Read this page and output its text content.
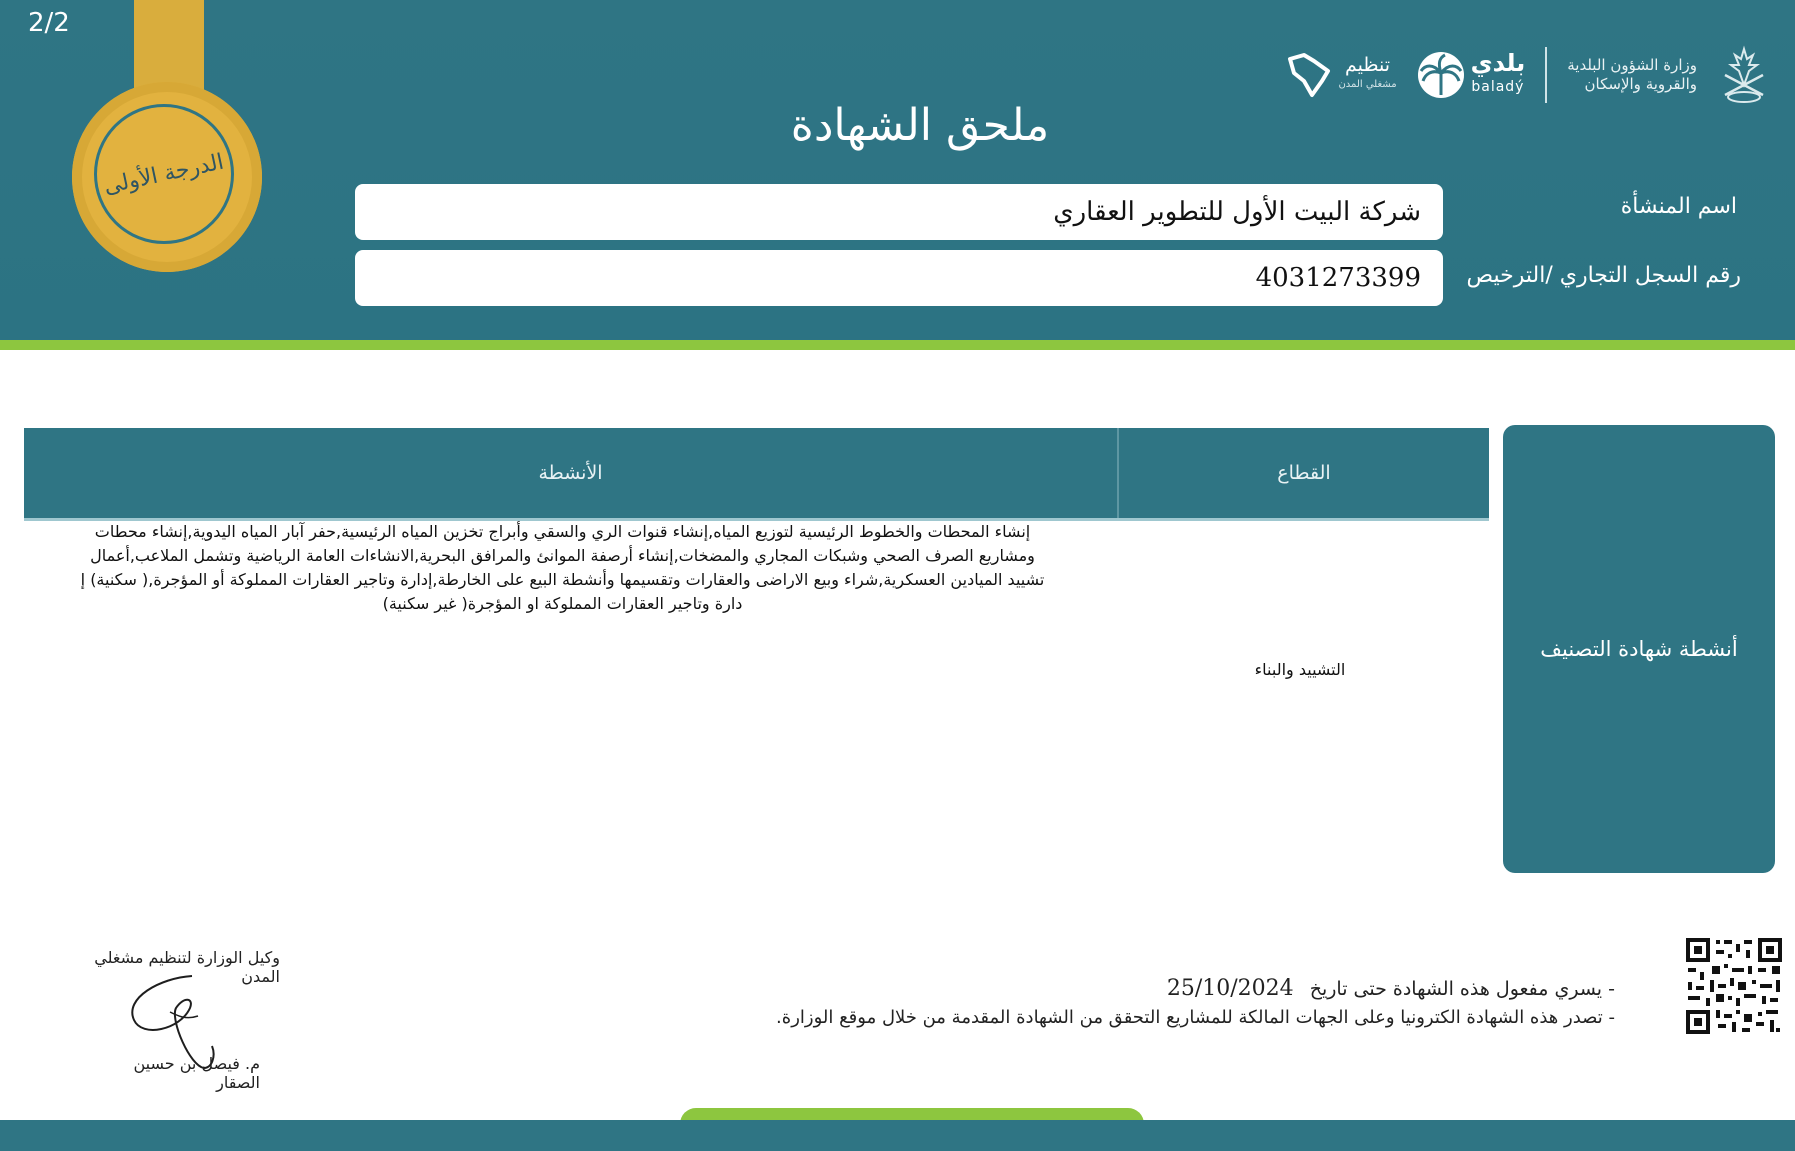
2/2
الدرجة الأولى
ملحق الشهادة
وزارة الشؤون البلدية
والقروية والإسكان
بلدي
baladý
تنظيم
مشغلي المدن
اسم المنشأة
شركة البيت الأول للتطوير العقاري
رقم السجل التجاري /الترخيص
4031273399
أنشطة شهادة التصنيف
الأنشطة	القطاع
إنشاء المحطات والخطوط الرئيسية لتوزيع المياه,إنشاء قنوات الري والسقي وأبراج تخزين المياه الرئيسية,حفر آبار المياه اليدوية,إنشاء محطات
ومشاريع الصرف الصحي وشبكات المجاري والمضخات,إنشاء أرصفة الموانئ والمرافق البحرية,الانشاءات العامة الرياضية وتشمل الملاعب,أعمال
تشييد الميادين العسكرية,شراء وبيع الاراضى والعقارات وتقسيمها وأنشطة البيع على الخارطة,إدارة وتاجير العقارات المملوكة أو المؤجرة,( سكنية) إ
دارة وتاجير العقارات المملوكة او المؤجرة( غير سكنية)
التشييد والبناء
- يسري مفعول هذه الشهادة حتى تاريخ 25/10/2024
- تصدر هذه الشهادة الكترونيا وعلى الجهات المالكة للمشاريع التحقق من الشهادة المقدمة من خلال موقع الوزارة.
وكيل الوزارة لتنظيم مشغلي المدن
م. فيصل بن حسين الصقار
